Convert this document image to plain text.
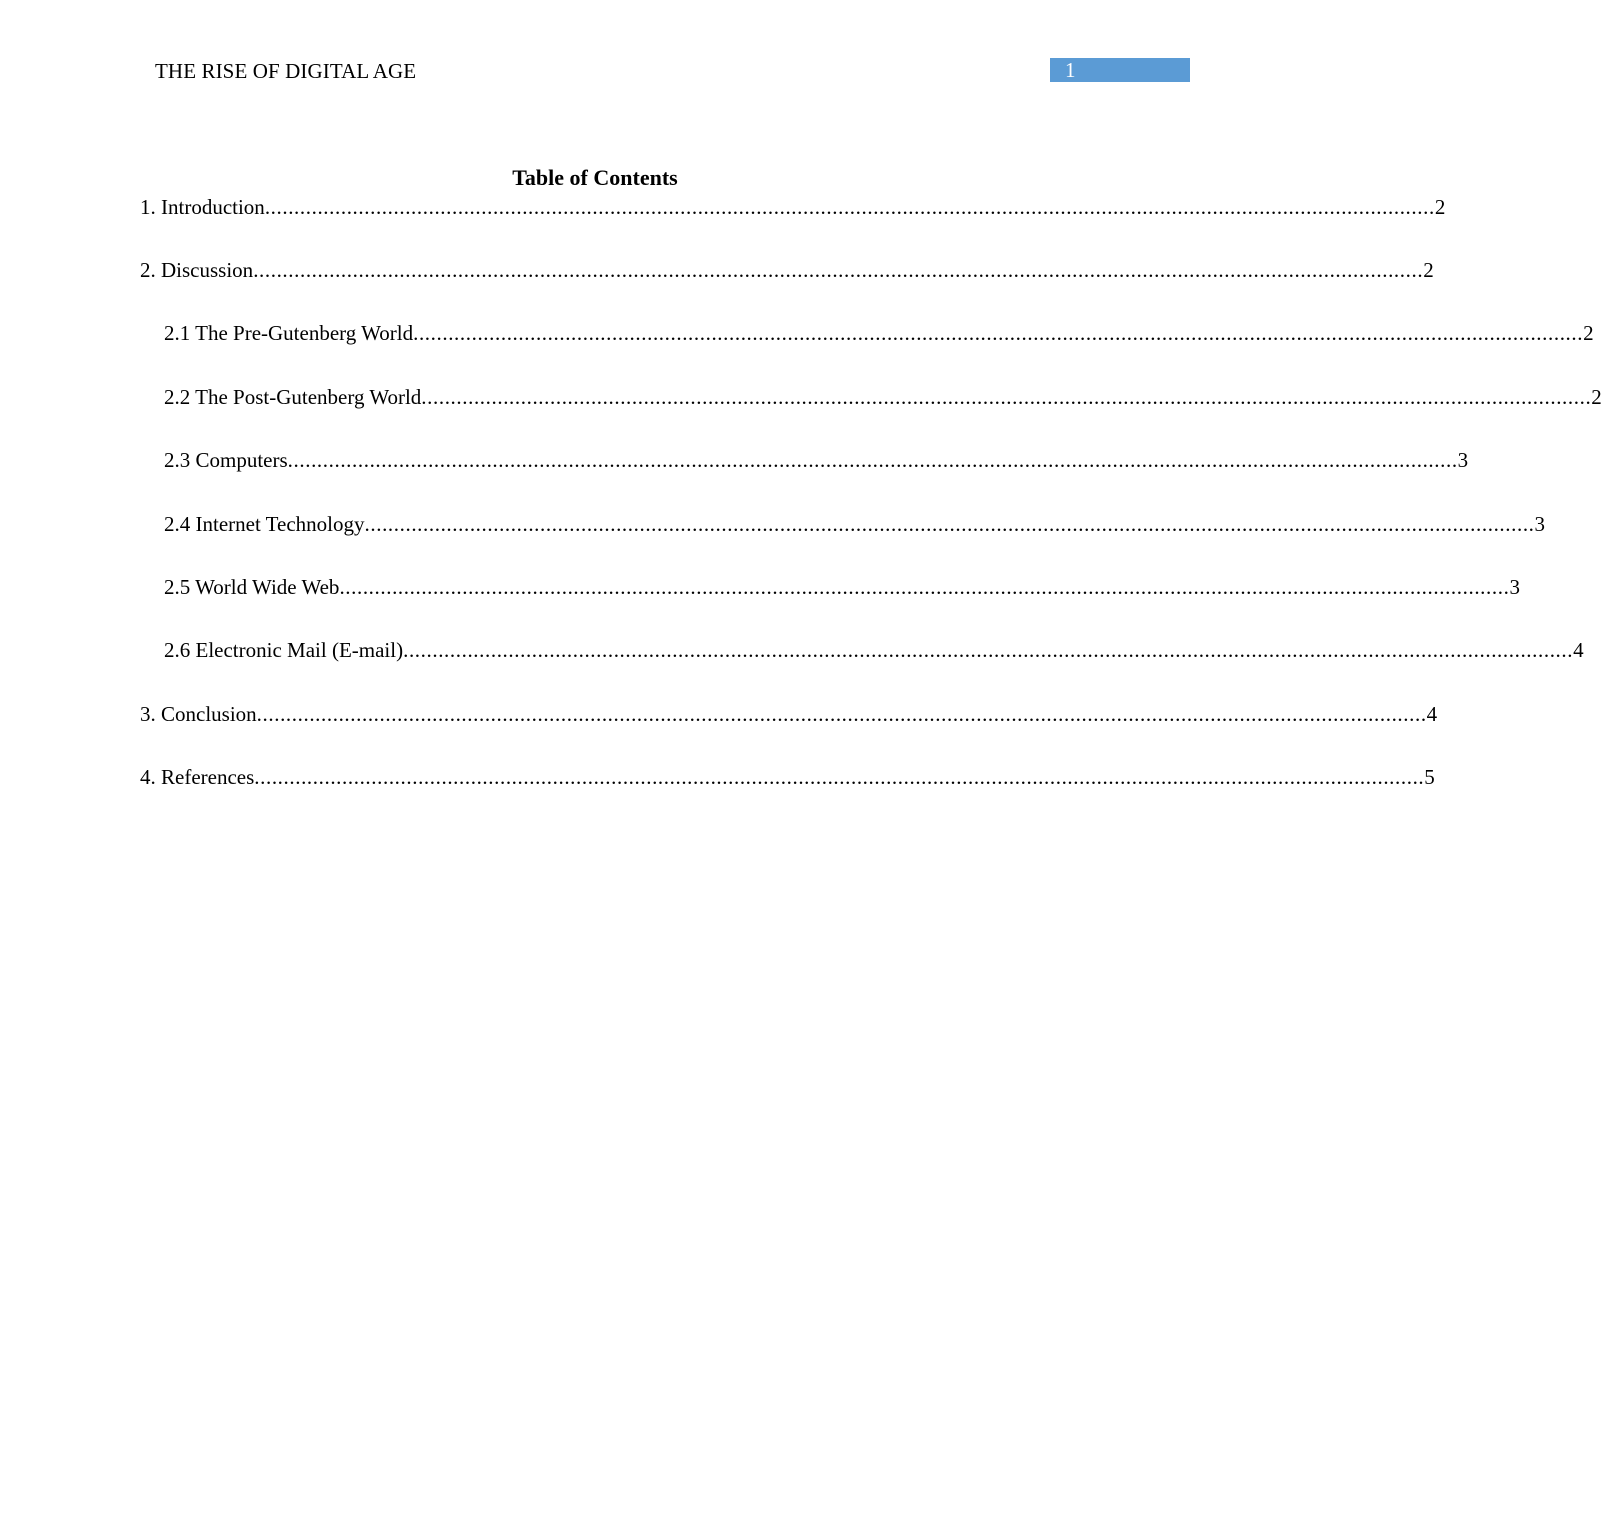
THE RISE OF DIGITAL AGE	1
Table of Contents
1. Introduction ........................................................................................................................................................................................................ 2
2. Discussion ........................................................................................................................................................................................................ 2
2.1 The Pre-Gutenberg World ........................................................................................................................................................................................................ 2
2.2 The Post-Gutenberg World ........................................................................................................................................................................................................ 2
2.3 Computers ........................................................................................................................................................................................................ 3
2.4 Internet Technology ........................................................................................................................................................................................................ 3
2.5 World Wide Web ........................................................................................................................................................................................................ 3
2.6 Electronic Mail (E-mail) ........................................................................................................................................................................................................ 4
3. Conclusion ........................................................................................................................................................................................................ 4
4. References ........................................................................................................................................................................................................ 5
